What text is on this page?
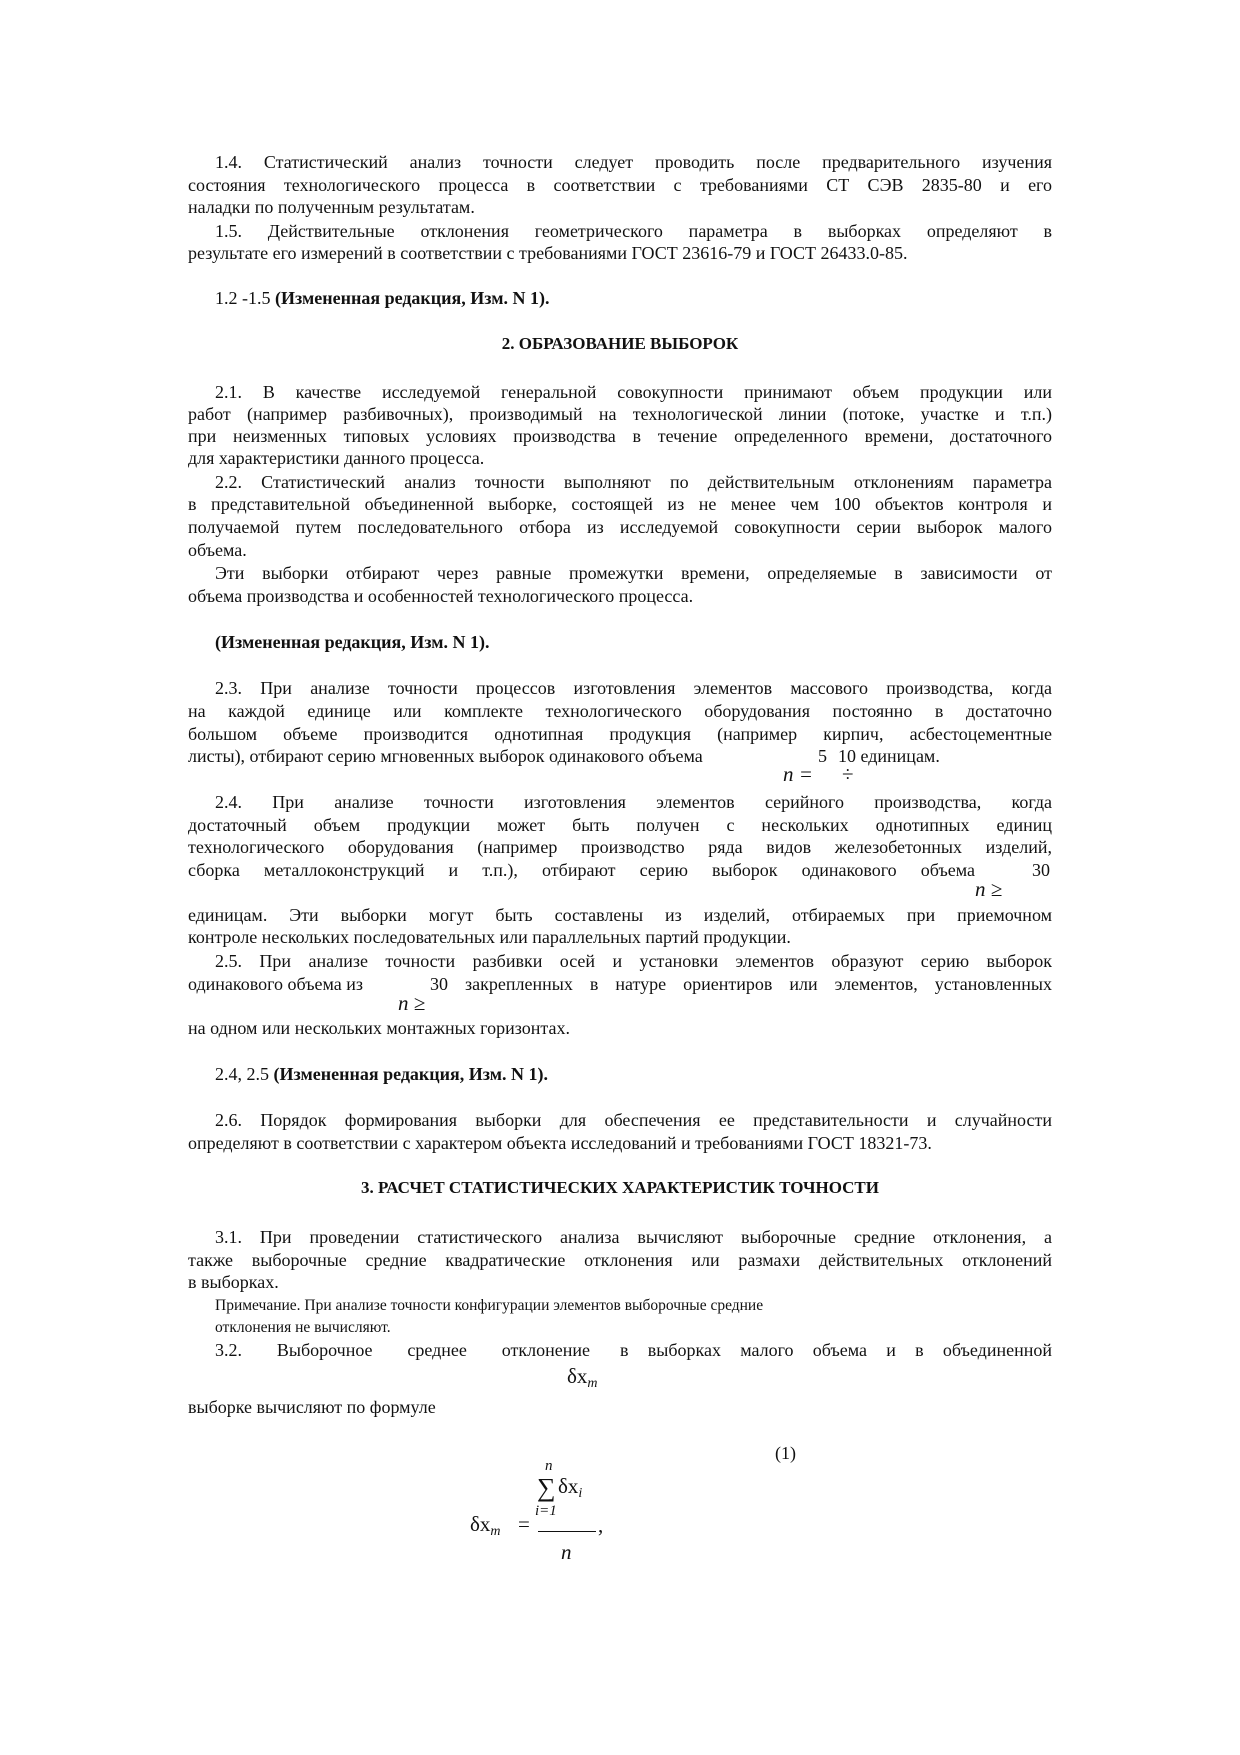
1.4. Статистический анализ точности следует проводить после предварительного изучения
состояния технологического процесса в соответствии с требованиями СТ СЭВ 2835-80 и его
наладки по полученным результатам.
1.5. Действительные отклонения геометрического параметра в выборках определяют в
результате его измерений в соответствии с требованиями ГОСТ 23616-79 и ГОСТ 26433.0-85.
1.2 -1.5 (Измененная редакция, Изм. N 1).
2. ОБРАЗОВАНИЕ ВЫБОРОК
2.1. В качестве исследуемой генеральной совокупности принимают объем продукции или
работ (например разбивочных), производимый на технологической линии (потоке, участке и т.п.)
при неизменных типовых условиях производства в течение определенного времени, достаточного
для характеристики данного процесса.
2.2. Статистический анализ точности выполняют по действительным отклонениям параметра
в представительной объединенной выборке, состоящей из не менее чем 100 объектов контроля и
получаемой путем последовательного отбора из исследуемой совокупности серии выборок малого
объема.
Эти выборки отбирают через равные промежутки времени, определяемые в зависимости от
объема производства и особенностей технологического процесса.
(Измененная редакция, Изм. N 1).
2.3. При анализе точности процессов изготовления элементов массового производства, когда
на каждой единице или комплекте технологического оборудования постоянно в достаточно
большом объеме производится однотипная продукция (например кирпич, асбестоцементные
листы), отбирают серию мгновенных выборок одинакового объема	5 10 единицам.
n = ÷
2.4. При анализе точности изготовления элементов серийного производства, когда
достаточный объем продукции может быть получен с нескольких однотипных единиц
технологического оборудования (например производство ряда видов железобетонных изделий,
сборка металлоконструкций и т.п.), отбирают серию выборок одинакового объема	30
n ≥
единицам. Эти выборки могут быть составлены из изделий, отбираемых при приемочном
контроле нескольких последовательных или параллельных партий продукции.
2.5. При анализе точности разбивки осей и установки элементов образуют серию выборок
одинакового объема из	30 закрепленных в натуре ориентиров или элементов, установленных
n ≥
на одном или нескольких монтажных горизонтах.
2.4, 2.5 (Измененная редакция, Изм. N 1).
2.6. Порядок формирования выборки для обеспечения ее представительности и случайности
определяют в соответствии с характером объекта исследований и требованиями ГОСТ 18321-73.
3. РАСЧЕТ СТАТИСТИЧЕСКИХ ХАРАКТЕРИСТИК ТОЧНОСТИ
3.1. При проведении статистического анализа вычисляют выборочные средние отклонения, а
также выборочные средние квадратические отклонения или размахи действительных отклонений
в выборках.
Примечание. При анализе точности конфигурации элементов выборочные средние
отклонения не вычисляют.
3.2. Выборочное среднее отклонение в выборках малого объема и в объединенной
$\delta x_m$
выборке вычисляют по формуле
(1)
n
∑ $\delta x_i$
i=1
$\delta x_m$ =	,
n
